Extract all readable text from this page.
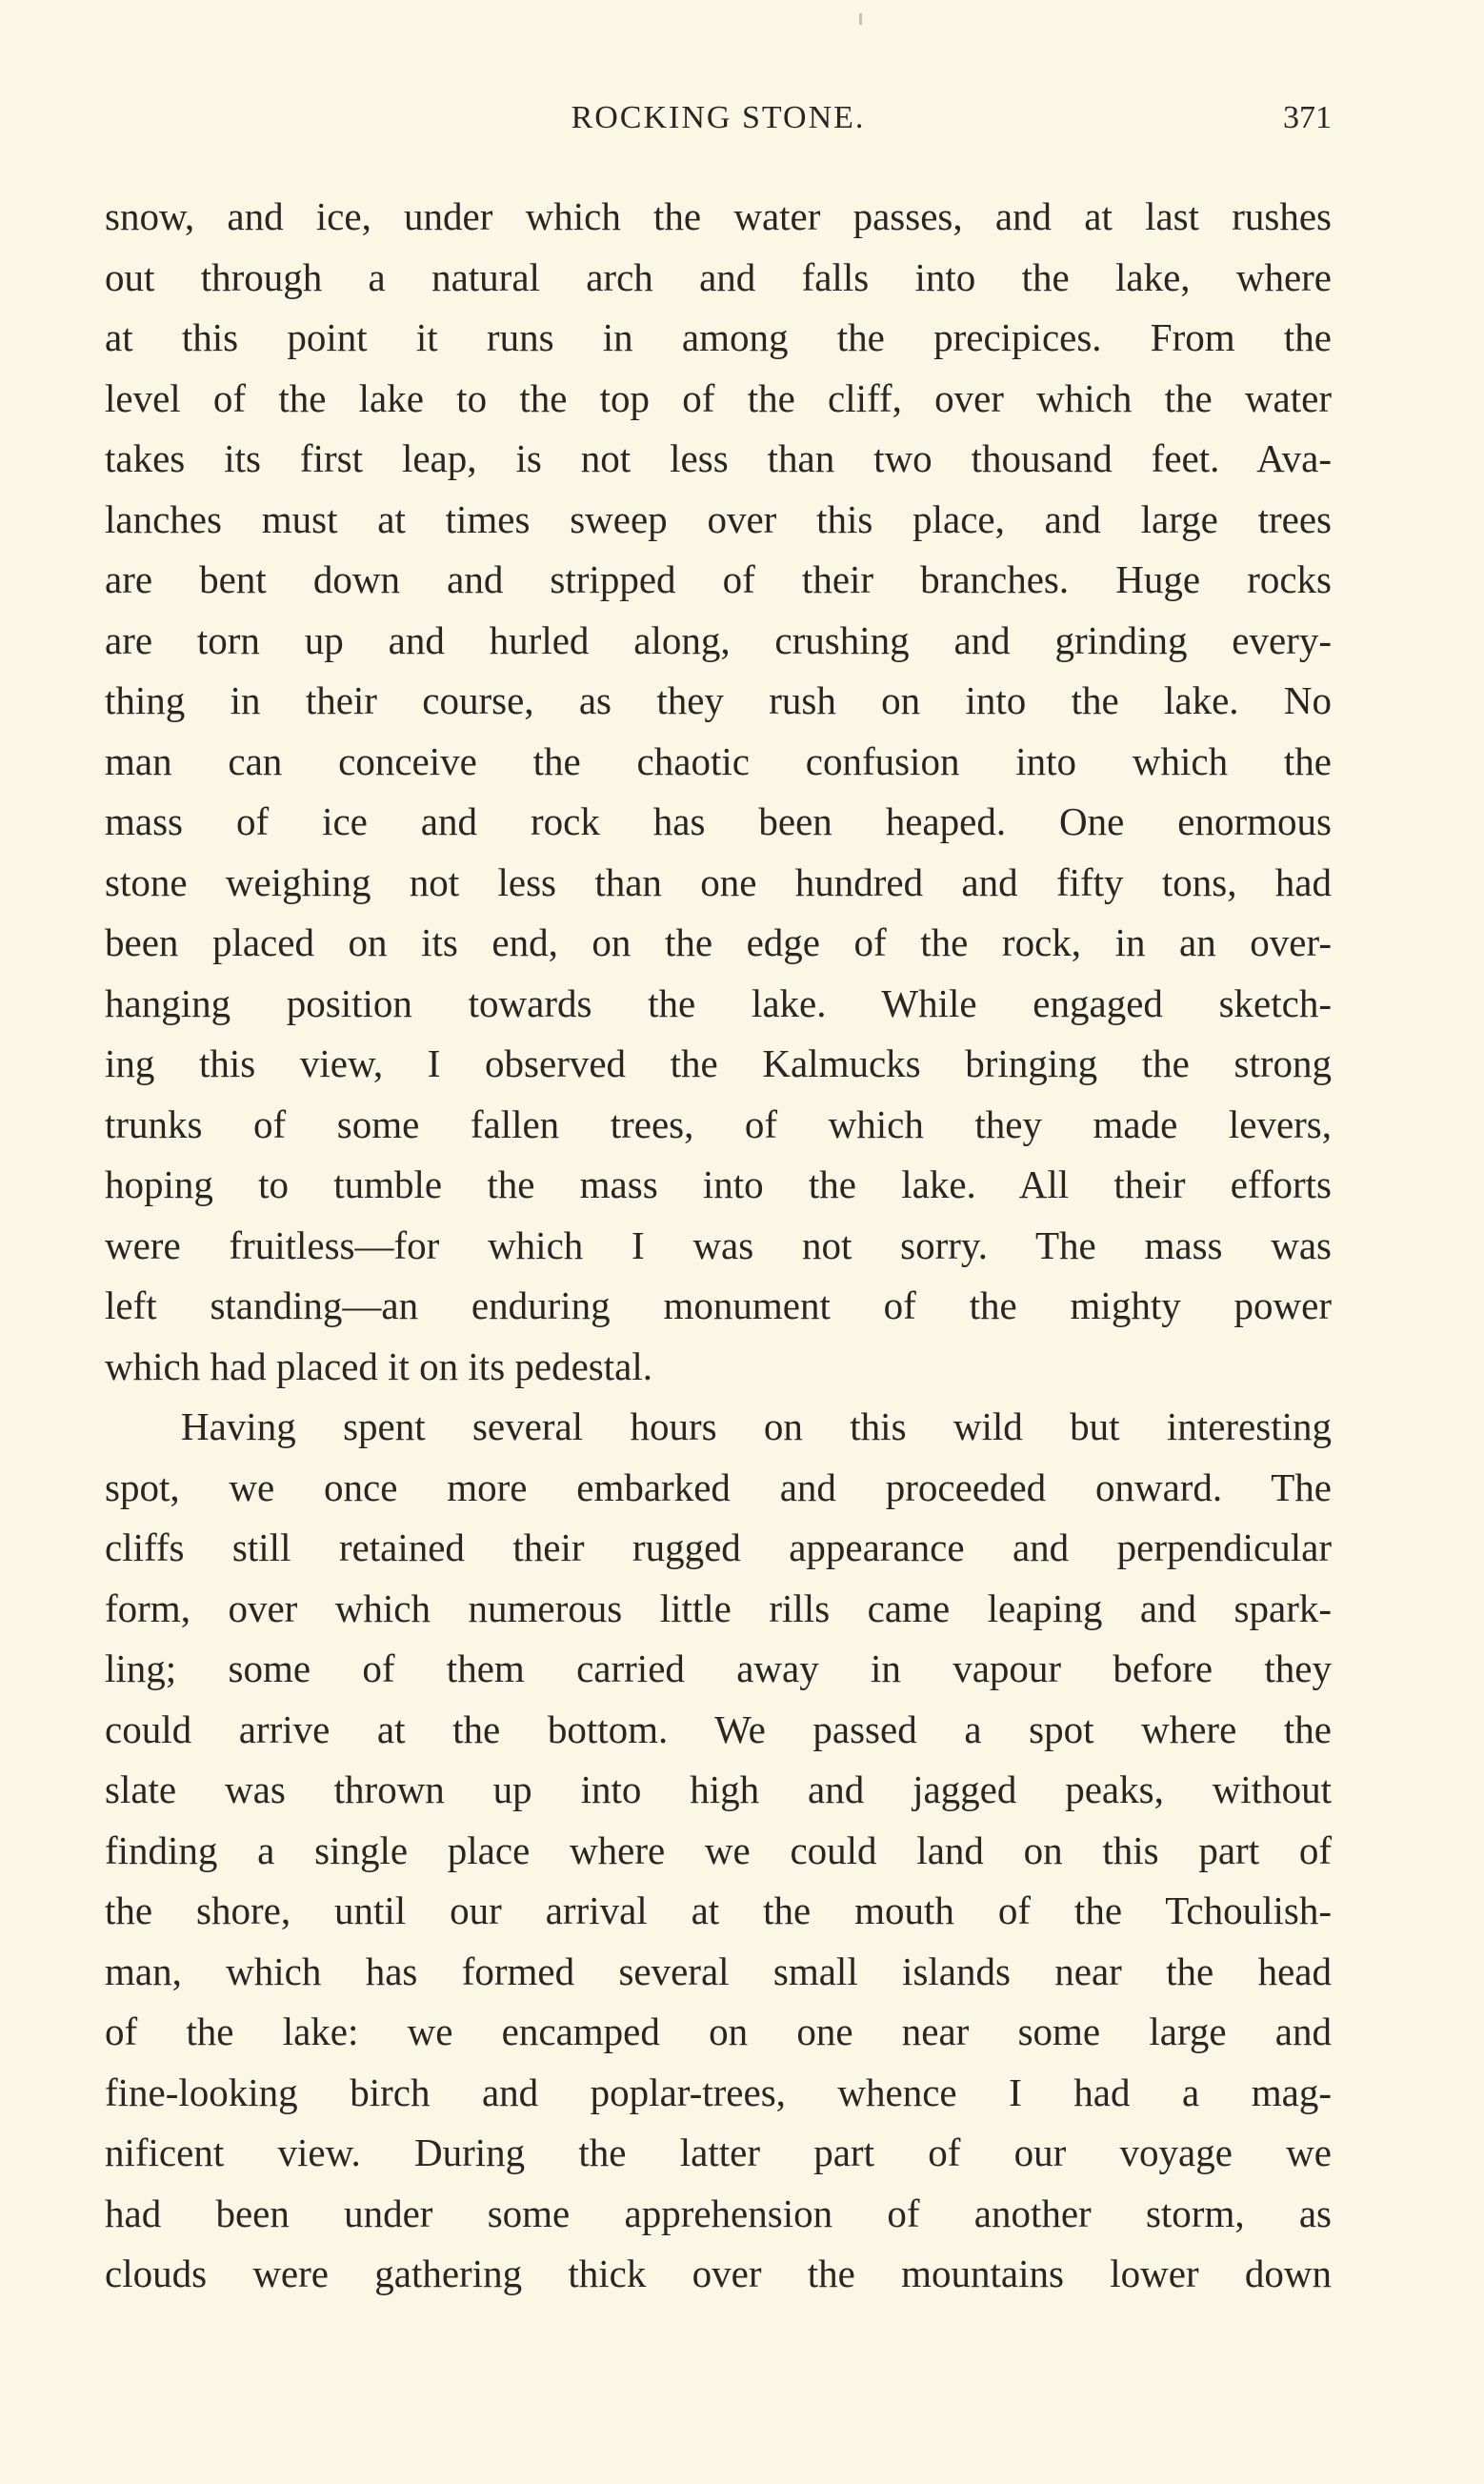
ROCKING STONE.	371
snow, and ice, under which the water passes, and at last rushes
out through a natural arch and falls into the lake, where
at this point it runs in among the precipices. From the
level of the lake to the top of the cliff, over which the water
takes its first leap, is not less than two thousand feet. Ava-
lanches must at times sweep over this place, and large trees
are bent down and stripped of their branches. Huge rocks
are torn up and hurled along, crushing and grinding every-
thing in their course, as they rush on into the lake. No
man can conceive the chaotic confusion into which the
mass of ice and rock has been heaped. One enormous
stone weighing not less than one hundred and fifty tons, had
been placed on its end, on the edge of the rock, in an over-
hanging position towards the lake. While engaged sketch-
ing this view, I observed the Kalmucks bringing the strong
trunks of some fallen trees, of which they made levers,
hoping to tumble the mass into the lake. All their efforts
were fruitless—for which I was not sorry. The mass was
left standing—an enduring monument of the mighty power
which had placed it on its pedestal.
Having spent several hours on this wild but interesting
spot, we once more embarked and proceeded onward. The
cliffs still retained their rugged appearance and perpendicular
form, over which numerous little rills came leaping and spark-
ling; some of them carried away in vapour before they
could arrive at the bottom. We passed a spot where the
slate was thrown up into high and jagged peaks, without
finding a single place where we could land on this part of
the shore, until our arrival at the mouth of the Tchoulish-
man, which has formed several small islands near the head
of the lake: we encamped on one near some large and
fine-looking birch and poplar-trees, whence I had a mag-
nificent view. During the latter part of our voyage we
had been under some apprehension of another storm, as
clouds were gathering thick over the mountains lower down
